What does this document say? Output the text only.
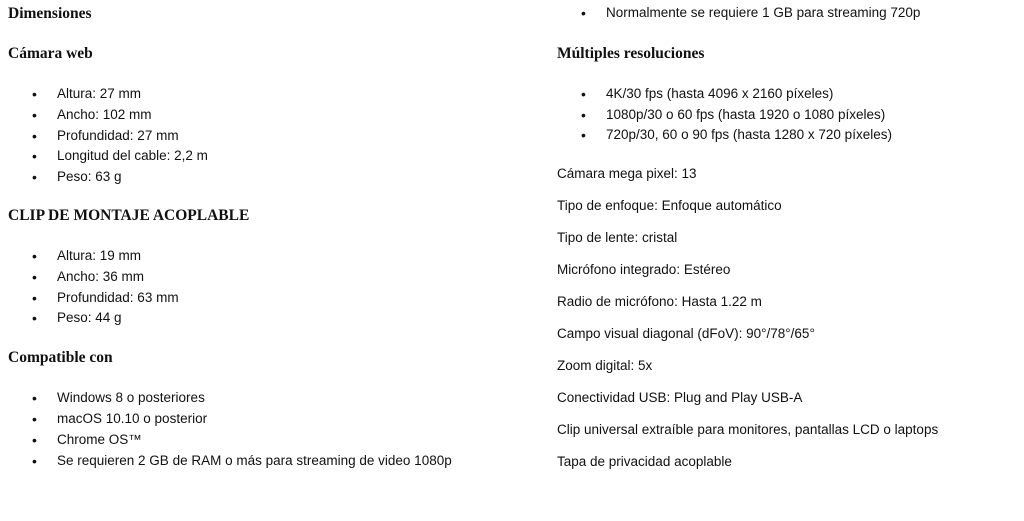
Dimensiones
Cámara web
• Altura: 27 mm
• Ancho: 102 mm
• Profundidad: 27 mm
• Longitud del cable: 2,2 m
• Peso: 63 g
CLIP DE MONTAJE ACOPLABLE
• Altura: 19 mm
• Ancho: 36 mm
• Profundidad: 63 mm
• Peso: 44 g
Compatible con
• Windows 8 o posteriores
• macOS 10.10 o posterior
• Chrome OS™
• Se requieren 2 GB de RAM o más para streaming de video 1080p
• Normalmente se requiere 1 GB para streaming 720p
Múltiples resoluciones
• 4K/30 fps (hasta 4096 x 2160 píxeles)
• 1080p/30 o 60 fps (hasta 1920 o 1080 píxeles)
• 720p/30, 60 o 90 fps (hasta 1280 x 720 píxeles)
Cámara mega pixel: 13
Tipo de enfoque: Enfoque automático
Tipo de lente: cristal
Micrófono integrado: Estéreo
Radio de micrófono: Hasta 1.22 m
Campo visual diagonal (dFoV): 90°/78°/65°
Zoom digital: 5x
Conectividad USB: Plug and Play USB-A
Clip universal extraíble para monitores, pantallas LCD o laptops
Tapa de privacidad acoplable
